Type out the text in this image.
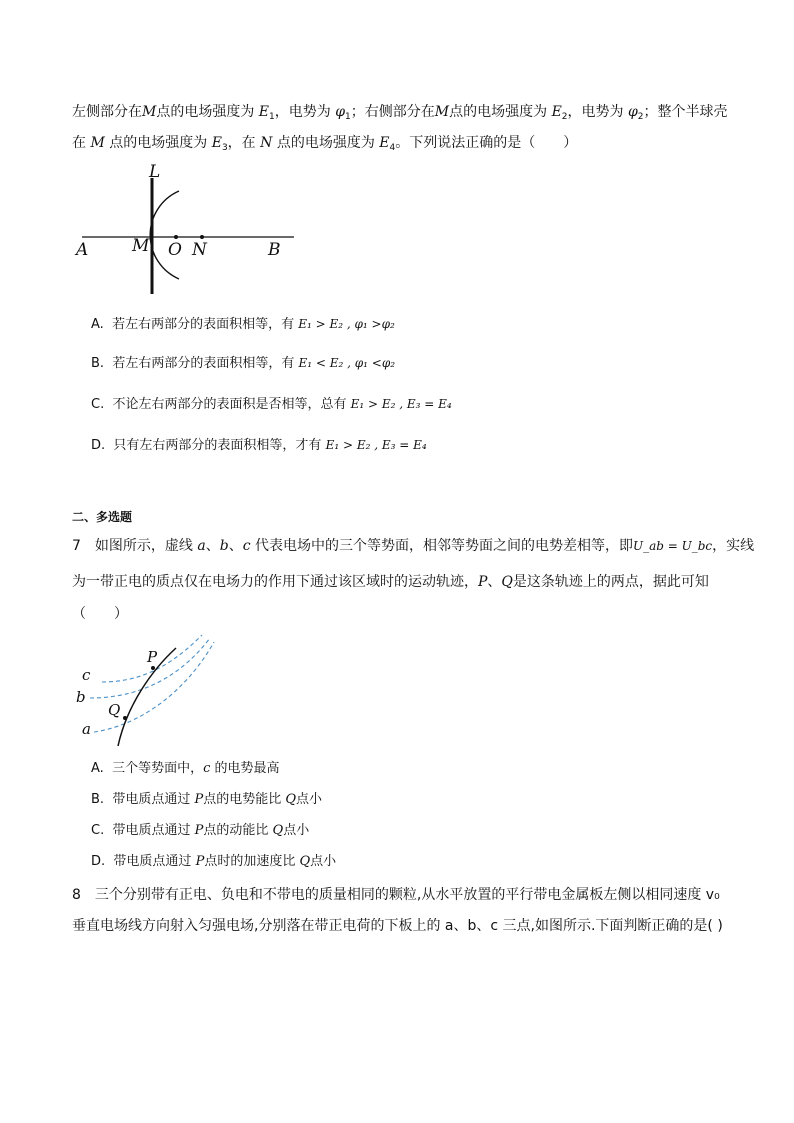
左侧部分在M点的电场强度为 $E_1$，电势为 $\varphi_1$；右侧部分在M点的电场强度为 $E_2$，电势为 $\varphi_2$；整个半球壳
在 M 点的电场强度为 $E_3$，在 N 点的电场强度为 $E_4$。下列说法正确的是（　　）
L
A	M O N	B
A. 若左右两部分的表面积相等，有 E₁ > E₂ , φ₁ >φ₂
B. 若左右两部分的表面积相等，有 E₁ < E₂ , φ₁ <φ₂
C. 不论左右两部分的表面积是否相等，总有 E₁ > E₂ , E₃ = E₄
D. 只有左右两部分的表面积相等，才有 E₁ > E₂ , E₃ = E₄
二、多选题
7　如图所示，虚线 a、b、c 代表电场中的三个等势面，相邻等势面之间的电势差相等，即U_ab = U_bc，实线
为一带正电的质点仅在电场力的作用下通过该区域时的运动轨迹，P、Q是这条轨迹上的两点，据此可知
（　　）
P
Q
c
b
a
A. 三个等势面中，c 的电势最高
B. 带电质点通过 P点的电势能比 Q点小
C. 带电质点通过 P点的动能比 Q点小
D. 带电质点通过 P点时的加速度比 Q点小
8　三个分别带有正电、负电和不带电的质量相同的颗粒,从水平放置的平行带电金属板左侧以相同速度 v₀
垂直电场线方向射入匀强电场,分别落在带正电荷的下板上的 a、b、c 三点,如图所示.下面判断正确的是( )
